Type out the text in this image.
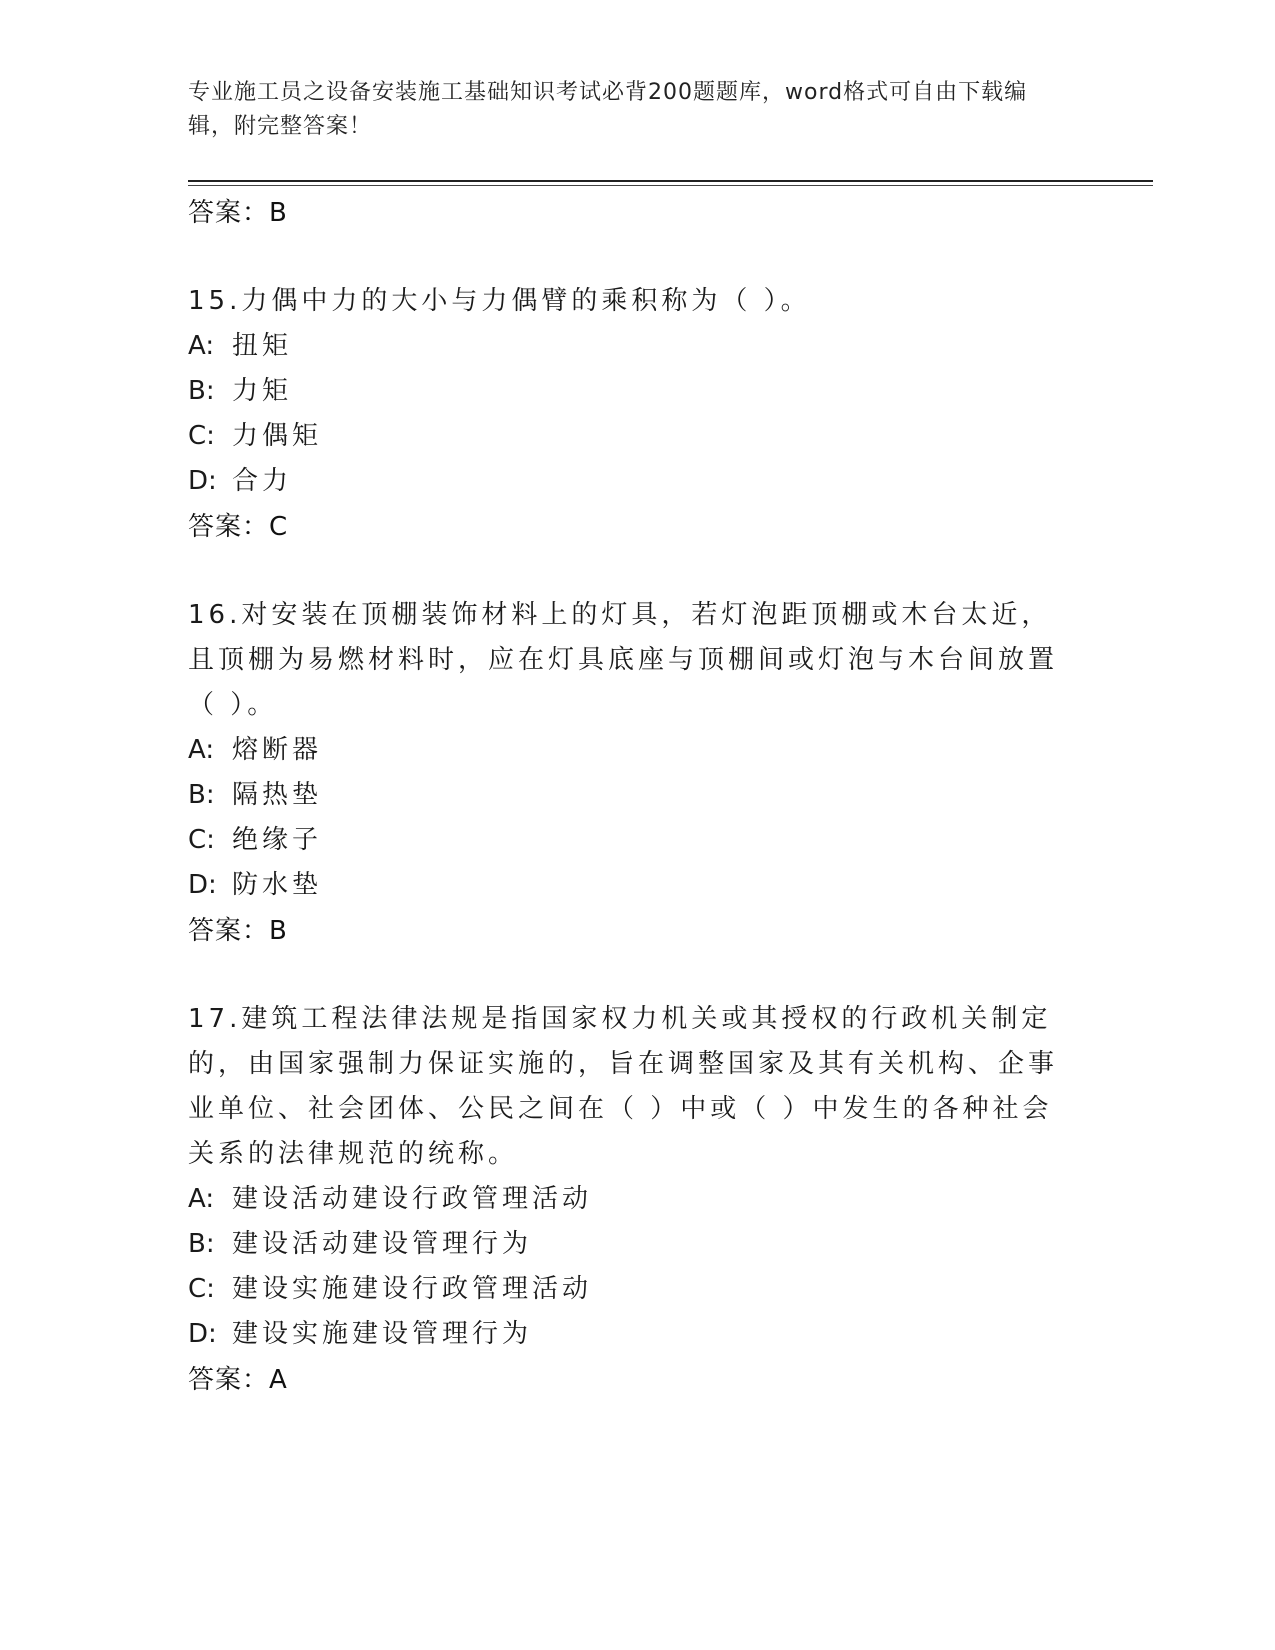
专业施工员之设备安装施工基础知识考试必背200题题库，word格式可自由下载编辑，附完整答案！
答案：B
15.力偶中力的大小与力偶臂的乘积称为（ ）。
A: 扭矩
B: 力矩
C: 力偶矩
D: 合力
答案：C
16.对安装在顶棚装饰材料上的灯具，若灯泡距顶棚或木台太近，且顶棚为易燃材料时，应在灯具底座与顶棚间或灯泡与木台间放置（ ）。
A: 熔断器
B: 隔热垫
C: 绝缘子
D: 防水垫
答案：B
17.建筑工程法律法规是指国家权力机关或其授权的行政机关制定的，由国家强制力保证实施的，旨在调整国家及其有关机构、企事业单位、社会团体、公民之间在（ ）中或（ ）中发生的各种社会关系的法律规范的统称。
A: 建设活动建设行政管理活动
B: 建设活动建设管理行为
C: 建设实施建设行政管理活动
D: 建设实施建设管理行为
答案：A
